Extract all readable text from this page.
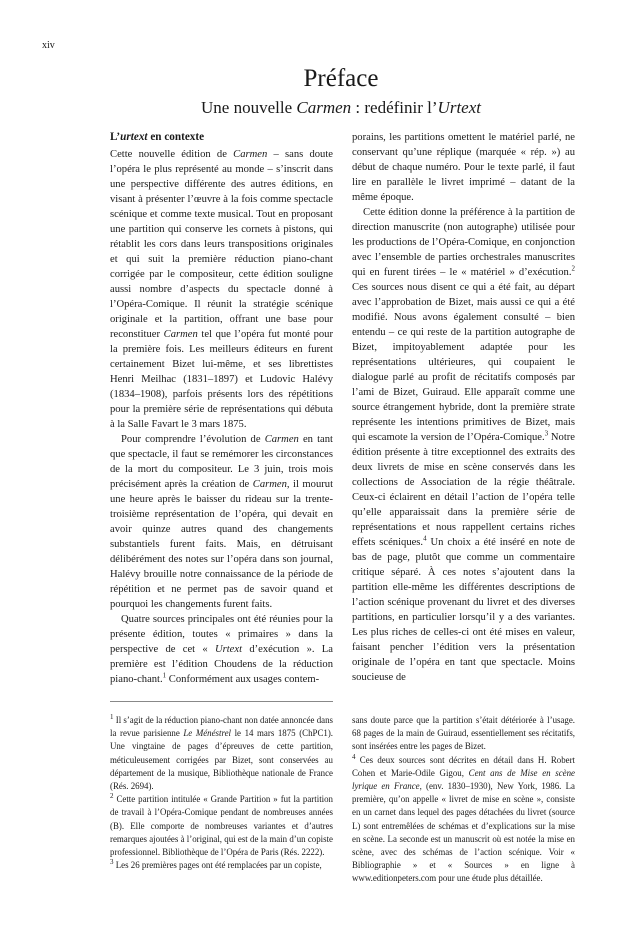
xiv
Préface
Une nouvelle Carmen : redéfinir l’Urtext
L’urtext en contexte

Cette nouvelle édition de Carmen – sans doute l’opéra le plus représenté au monde – s’inscrit dans une perspective différente des autres éditions, en visant à présenter l’œuvre à la fois comme spectacle scénique et comme texte musical. Tout en proposant une partition qui conserve les cornets à pistons, qui rétablit les cors dans leurs transpositions originales et qui suit la première réduction piano-chant corrigée par le compositeur, cette édition souligne aussi nombre d’aspects du spectacle donné à l’Opéra-Comique. Il réunit la stratégie scénique originale et la partition, offrant une base pour reconstituer Carmen tel que l’opéra fut monté pour la première fois. Les meilleurs éditeurs en furent certainement Bizet lui-même, et ses librettistes Henri Meilhac (1831–1897) et Ludovic Halévy (1834–1908), parfois présents lors des répétitions pour la première série de représentations qui débuta à la Salle Favart le 3 mars 1875.

Pour comprendre l’évolution de Carmen en tant que spectacle, il faut se remémorer les circonstances de la mort du compositeur. Le 3 juin, trois mois précisément après la création de Carmen, il mourut une heure après le baisser du rideau sur la trente-troisième représentation de l’opéra, qui devait en avoir quinze autres quand des changements substantiels furent faits. Mais, en détruisant délibérément des notes sur l’opéra dans son journal, Halévy brouille notre connaissance de la période de répétition et ne permet pas de savoir quand et pourquoi les changements furent faits.

Quatre sources principales ont été réunies pour la présente édition, toutes « primaires » dans la perspective de cet « Urtext d’exécution ». La première est l’édition Choudens de la réduction piano-chant.$^1$ Conformément aux usages contem-

porains, les partitions omettent le matériel parlé, ne conservant qu’une réplique (marquée « rép. ») au début de chaque numéro. Pour le texte parlé, il faut lire en parallèle le livret imprimé – datant de la même époque.

Cette édition donne la préférence à la partition de direction manuscrite (non autographe) utilisée pour les productions de l’Opéra-Comique, en conjonction avec l’ensemble de parties orchestrales manuscrites qui en furent tirées – le « matériel » d’exécution.$^2$ Ces sources nous disent ce qui a été fait, au départ avec l’approbation de Bizet, mais aussi ce qui a été modifié. Nous avons également consulté – bien entendu – ce qui reste de la partition autographe de Bizet, impitoyablement adaptée pour les représentations ultérieures, qui coupaient le dialogue parlé au profit de récitatifs composés par l’ami de Bizet, Guiraud. Elle apparaît comme une source étrangement hybride, dont la première strate représente les intentions primitives de Bizet, mais qui escamote la version de l’Opéra-Comique.$^3$ Notre édition présente à titre exceptionnel des extraits des deux livrets de mise en scène conservés dans les collections de Association de la régie théâtrale. Ceux-ci éclairent en détail l’action de l’opéra telle qu’elle apparaissait dans la première série de représentations et nous rappellent certains riches effets scéniques.$^4$ Un choix a été inséré en note de bas de page, plutôt que comme un commentaire critique séparé. À ces notes s’ajoutent dans la partition elle-même les différentes descriptions de l’action scénique provenant du livret et des diverses partitions, en particulier lorsqu’il y a des variantes. Les plus riches de celles-ci ont été mises en valeur, faisant pencher l’édition vers la présentation originale de l’opéra en tant que spectacle. Moins soucieuse de

$^1$ Il s’agit de la réduction piano-chant non datée annoncée dans la revue parisienne Le Ménéstrel le 14 mars 1875 (ChPC1). Une vingtaine de pages d’épreuves de cette partition, méticuleusement corrigées par Bizet, sont conservées au département de la musique, Bibliothèque nationale de France (Rés. 2694).

$^2$ Cette partition intitulée « Grande Partition » fut la partition de travail à l’Opéra-Comique pendant de nombreuses années (B). Elle comporte de nombreuses variantes et d’autres remarques ajoutées à l’original, qui est de la main d’un copiste professionnel. Bibliothèque de l’Opéra de Paris (Rés. 2222).

$^3$ Les 26 premières pages ont été remplacées par un copiste,

sans doute parce que la partition s’était détériorée à l’usage. 68 pages de la main de Guiraud, essentiellement ses récitatifs, sont insérées entre les pages de Bizet.

$^4$ Ces deux sources sont décrites en détail dans H. Robert Cohen et Marie-Odile Gigou, Cent ans de Mise en scène lyrique en France, (env. 1830–1930), New York, 1986. La première, qu’on appelle « livret de mise en scène », consiste en un carnet dans lequel des pages détachées du livret (source L) sont entremêlées de schémas et d’explications sur la mise en scène. La seconde est un manuscrit où est notée la mise en scène, avec des schémas de l’action scénique. Voir « Bibliographie » et « Sources » en ligne à www.editionpeters.com pour une étude plus détaillée.
